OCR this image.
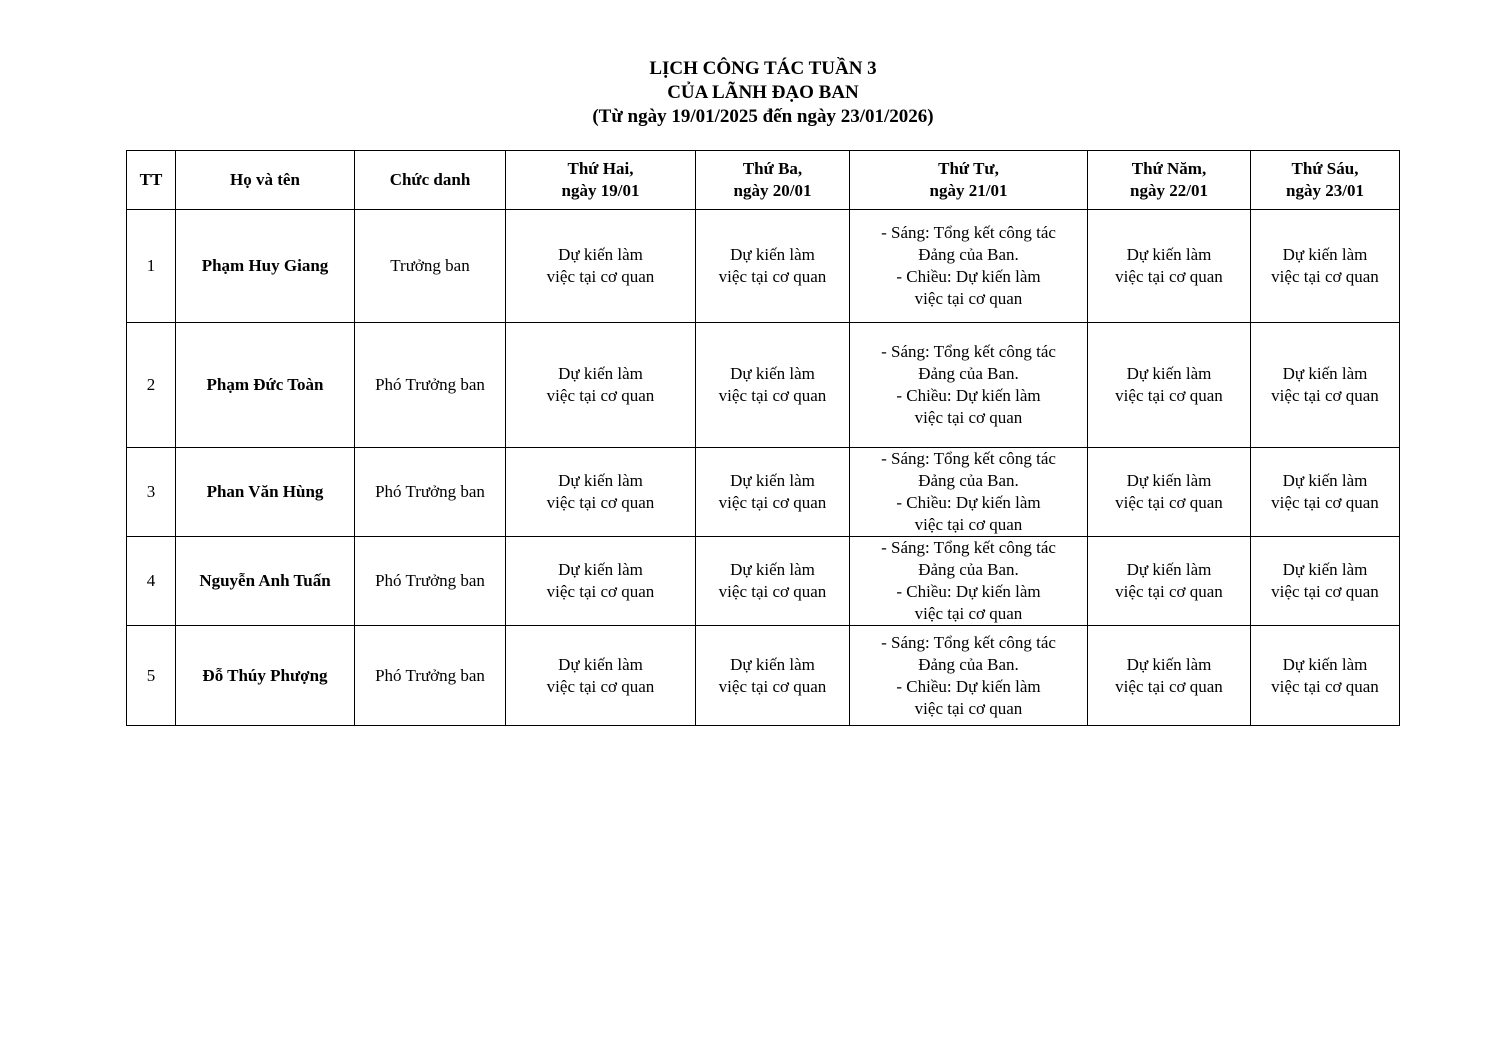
LỊCH CÔNG TÁC TUẦN 3
CỦA LÃNH ĐẠO BAN
(Từ ngày 19/01/2025 đến ngày 23/01/2026)
TT	Họ và tên	Chức danh	Thứ Hai,
ngày 19/01	Thứ Ba,
ngày 20/01	Thứ Tư,
ngày 21/01	Thứ Năm,
ngày 22/01	Thứ Sáu,
ngày 23/01

1	Phạm Huy Giang	Trưởng ban	Dự kiến làm
việc tại cơ quan	Dự kiến làm
việc tại cơ quan	- Sáng: Tổng kết công tác
Đảng của Ban.
- Chiều: Dự kiến làm
việc tại cơ quan	Dự kiến làm
việc tại cơ quan	Dự kiến làm
việc tại cơ quan

2	Phạm Đức Toàn	Phó Trưởng ban	Dự kiến làm
việc tại cơ quan	Dự kiến làm
việc tại cơ quan	- Sáng: Tổng kết công tác
Đảng của Ban.
- Chiều: Dự kiến làm
việc tại cơ quan	Dự kiến làm
việc tại cơ quan	Dự kiến làm
việc tại cơ quan

3	Phan Văn Hùng	Phó Trưởng ban	Dự kiến làm
việc tại cơ quan	Dự kiến làm
việc tại cơ quan	- Sáng: Tổng kết công tác
Đảng của Ban.
- Chiều: Dự kiến làm
việc tại cơ quan	Dự kiến làm
việc tại cơ quan	Dự kiến làm
việc tại cơ quan

4	Nguyễn Anh Tuấn	Phó Trưởng ban	Dự kiến làm
việc tại cơ quan	Dự kiến làm
việc tại cơ quan	- Sáng: Tổng kết công tác
Đảng của Ban.
- Chiều: Dự kiến làm
việc tại cơ quan	Dự kiến làm
việc tại cơ quan	Dự kiến làm
việc tại cơ quan

5	Đỗ Thúy Phượng	Phó Trưởng ban	Dự kiến làm
việc tại cơ quan	Dự kiến làm
việc tại cơ quan	- Sáng: Tổng kết công tác
Đảng của Ban.
- Chiều: Dự kiến làm
việc tại cơ quan	Dự kiến làm
việc tại cơ quan	Dự kiến làm
việc tại cơ quan
